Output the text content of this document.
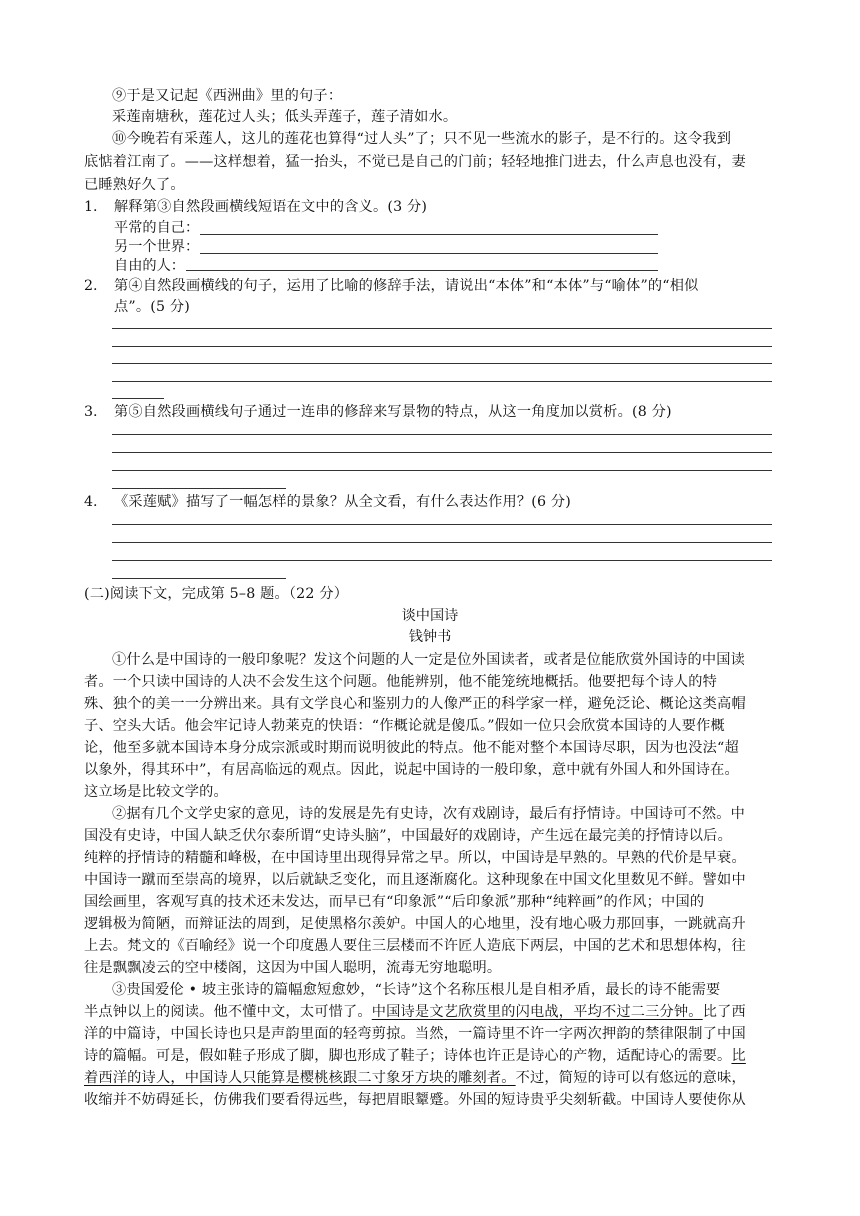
⑨于是又记起《西洲曲》里的句子：
采莲南塘秋，莲花过人头；低头弄莲子，莲子清如水。
⑩今晚若有采莲人，这儿的莲花也算得“过人头”了；只不见一些流水的影子，是不行的。这令我到
底惦着江南了。——这样想着，猛一抬头，不觉已是自己的门前；轻轻地推门进去，什么声息也没有，妻
已睡熟好久了。
1. 解释第③自然段画横线短语在文中的含义。(3 分)
平常的自己：
另一个世界：
自由的人：
2. 第④自然段画横线的句子，运用了比喻的修辞手法，请说出“本体”和“本体”与“喻体”的“相似
点”。(5 分)
3. 第⑤自然段画横线句子通过一连串的修辞来写景物的特点，从这一角度加以赏析。(8 分)
4. 《采莲赋》描写了一幅怎样的景象？从全文看，有什么表达作用？(6 分)
(二)阅读下文，完成第 5–8 题。（22 分）
谈中国诗
钱钟书
①什么是中国诗的一般印象呢？发这个问题的人一定是位外国读者，或者是位能欣赏外国诗的中国读
者。一个只读中国诗的人决不会发生这个问题。他能辨别，他不能笼统地概括。他要把每个诗人的特
殊、独个的美一一分辨出来。具有文学良心和鉴别力的人像严正的科学家一样，避免泛论、概论这类高帽
子、空头大话。他会牢记诗人勃莱克的快语：“作概论就是傻瓜。”假如一位只会欣赏本国诗的人要作概
论，他至多就本国诗本身分成宗派或时期而说明彼此的特点。他不能对整个本国诗尽职，因为也没法“超
以象外，得其环中”，有居高临远的观点。因此，说起中国诗的一般印象，意中就有外国人和外国诗在。
这立场是比较文学的。
②据有几个文学史家的意见，诗的发展是先有史诗，次有戏剧诗，最后有抒情诗。中国诗可不然。中
国没有史诗，中国人缺乏伏尔泰所谓“史诗头脑”，中国最好的戏剧诗，产生远在最完美的抒情诗以后。
纯粹的抒情诗的精髓和峰极，在中国诗里出现得异常之早。所以，中国诗是早熟的。早熟的代价是早衰。
中国诗一蹴而至崇高的境界，以后就缺乏变化，而且逐渐腐化。这种现象在中国文化里数见不鲜。譬如中
国绘画里，客观写真的技术还未发达，而早已有“印象派”“后印象派”那种“纯粹画”的作风；中国的
逻辑极为简陋，而辩证法的周到，足使黑格尔羡妒。中国人的心地里，没有地心吸力那回事，一跳就高升
上去。梵文的《百喻经》说一个印度愚人要住三层楼而不许匠人造底下两层，中国的艺术和思想体构，往
往是飘飘凌云的空中楼阁，这因为中国人聪明，流毒无穷地聪明。
③贵国爱伦 • 坡主张诗的篇幅愈短愈妙，“长诗”这个名称压根儿是自相矛盾，最长的诗不能需要
半点钟以上的阅读。他不懂中文，太可惜了。中国诗是文艺欣赏里的闪电战，平均不过二三分钟。比了西
洋的中篇诗，中国长诗也只是声韵里面的轻弯剪掠。当然，一篇诗里不许一字两次押韵的禁律限制了中国
诗的篇幅。可是，假如鞋子形成了脚，脚也形成了鞋子；诗体也许正是诗心的产物，适配诗心的需要。比
着西洋的诗人，中国诗人只能算是樱桃核跟二寸象牙方块的雕刻者。不过，简短的诗可以有悠远的意味，
收缩并不妨碍延长，仿佛我们要看得远些，每把眉眼颦蹙。外国的短诗贵乎尖刻斩截。中国诗人要使你从
